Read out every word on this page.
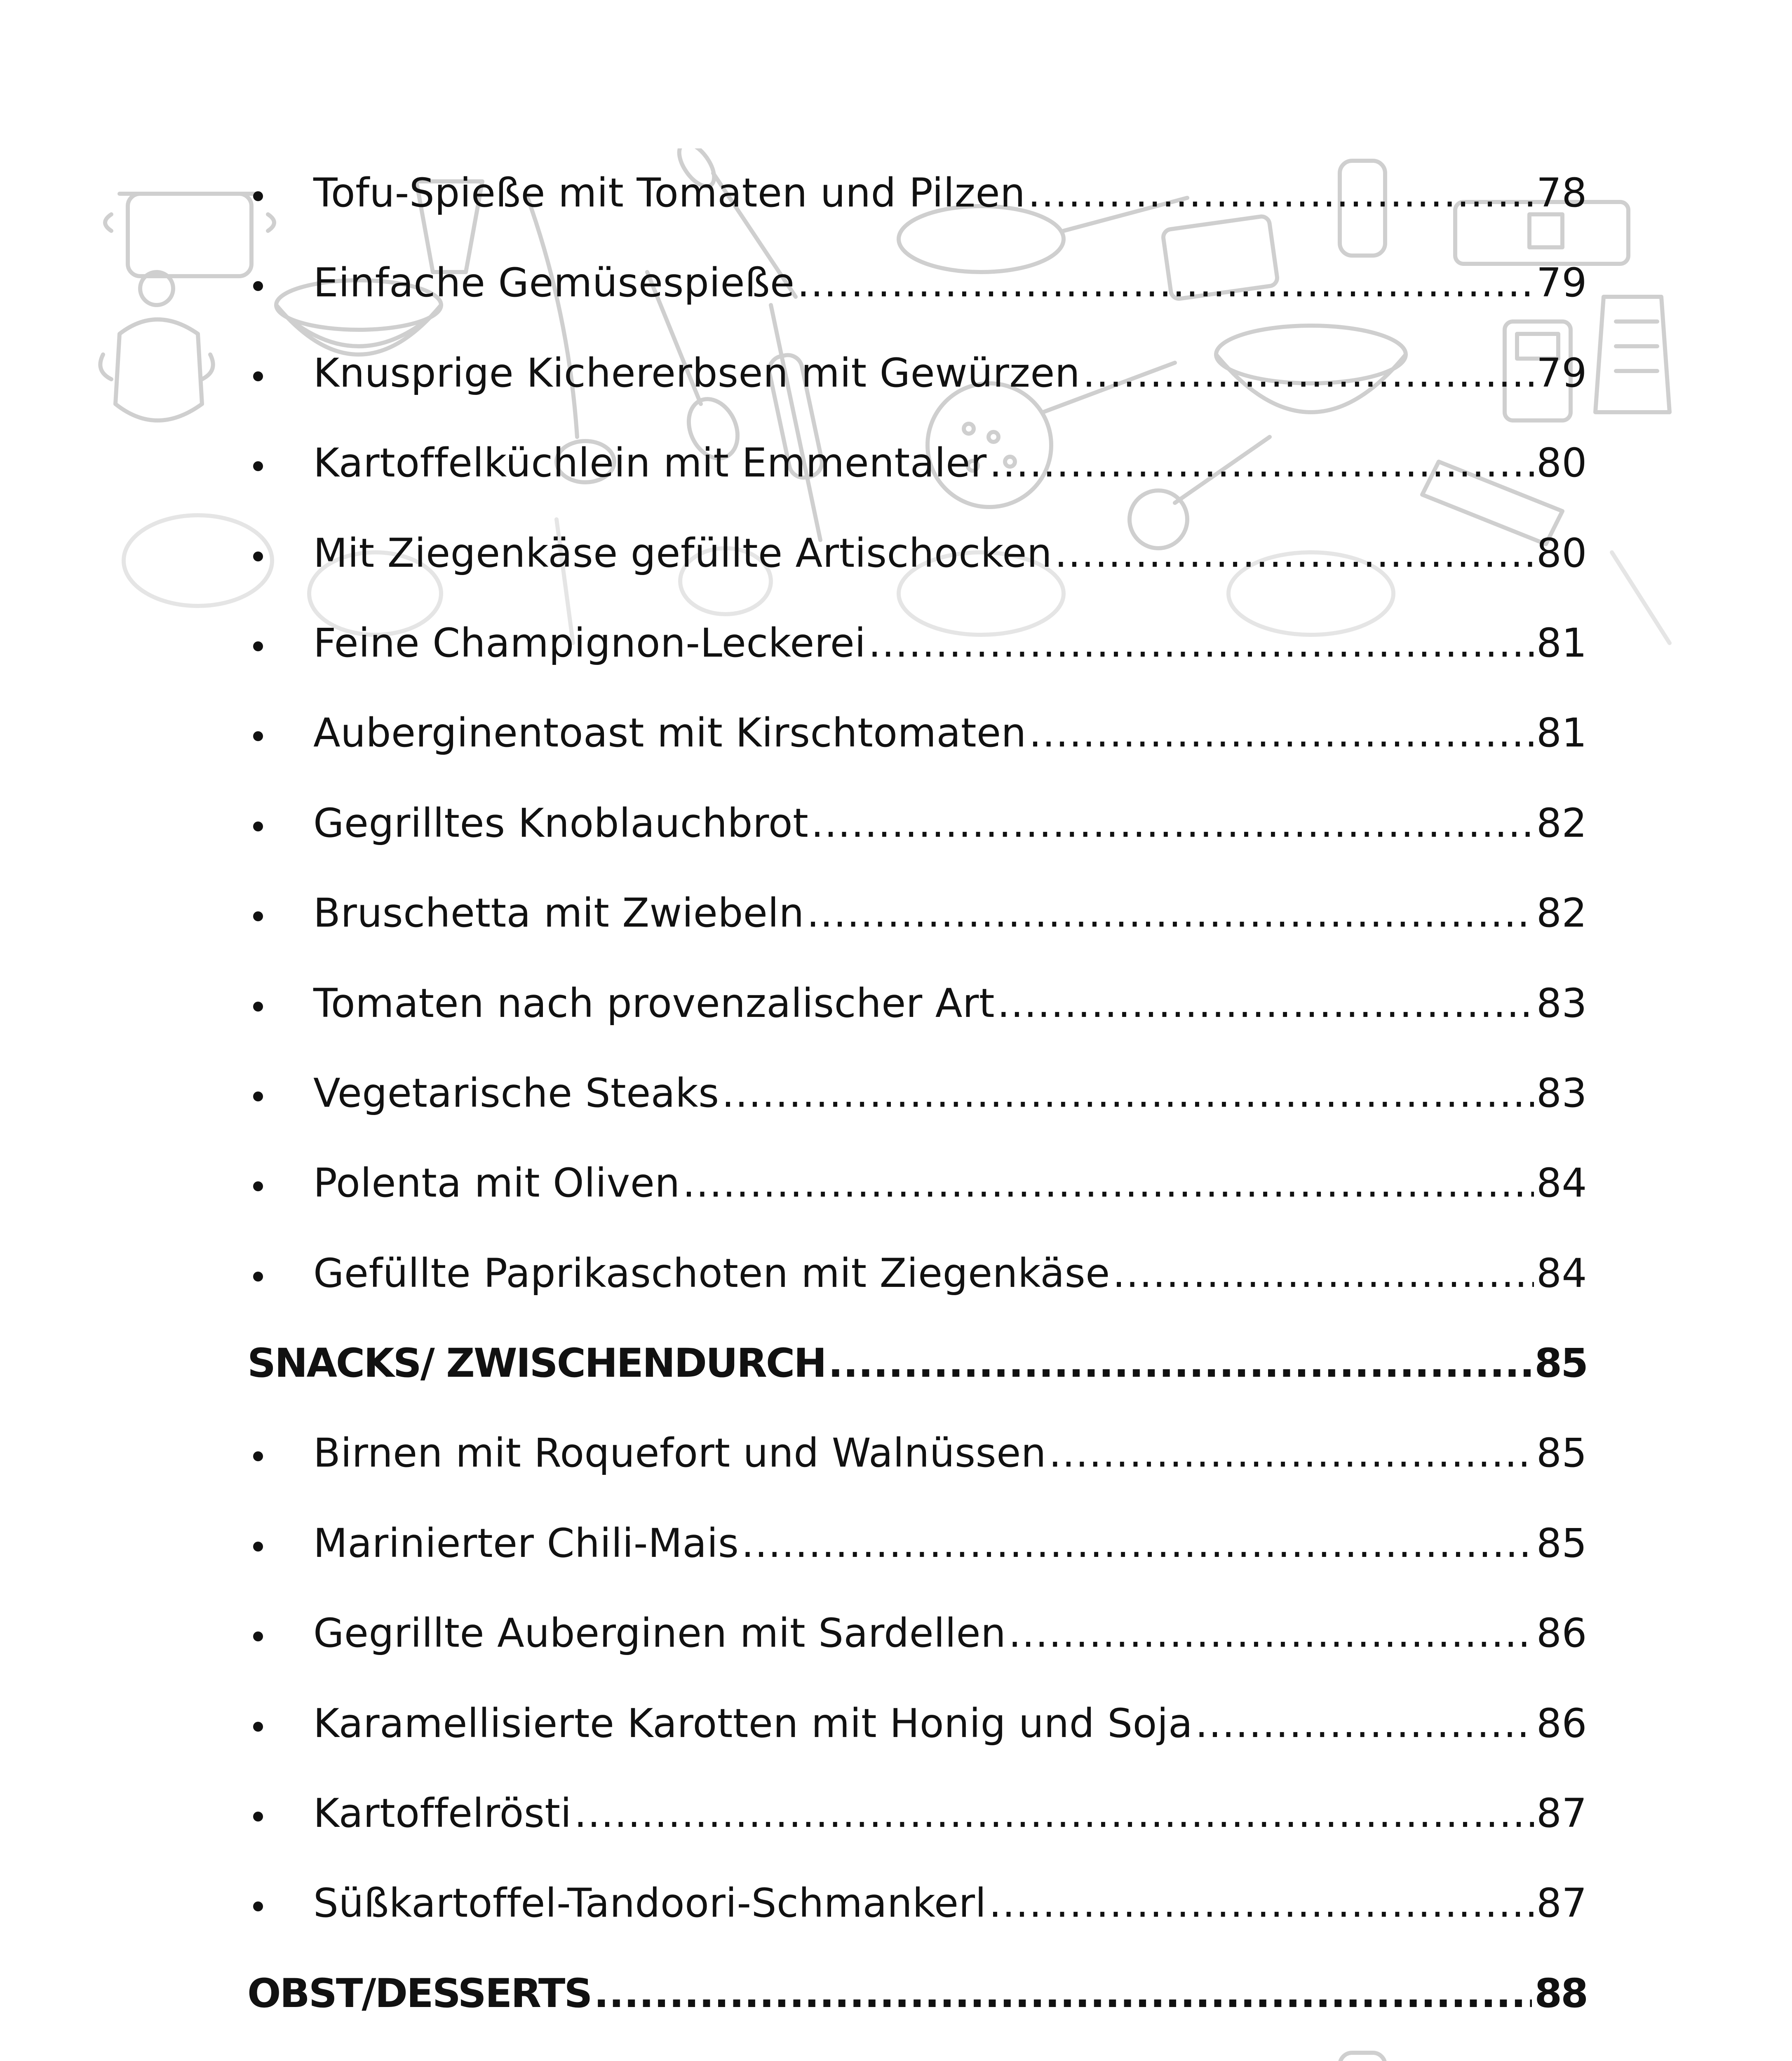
Tofu-Spieße mit Tomaten und Pilzen .....	78
Einfache Gemüsespieße .....	79
Knusprige Kichererbsen mit Gewürzen .....	79
Kartoffelküchlein mit Emmentaler .....	80
Mit Ziegenkäse gefüllte Artischocken .....	80
Feine Champignon-Leckerei .....	81
Auberginentoast mit Kirschtomaten .....	81
Gegrilltes Knoblauchbrot .....	82
Bruschetta mit Zwiebeln .....	82
Tomaten nach provenzalischer Art .....	83
Vegetarische Steaks .....	83
Polenta mit Oliven .....	84
Gefüllte Paprikaschoten mit Ziegenkäse .....	84
SNACKS/ ZWISCHENDURCH .....	85
Birnen mit Roquefort und Walnüssen .....	85
Marinierter Chili-Mais .....	85
Gegrillte Auberginen mit Sardellen .....	86
Karamellisierte Karotten mit Honig und Soja .....	86
Kartoffelrösti .....	87
Süßkartoffel-Tandoori-Schmankerl .....	87
OBST/DESSERTS .....	88
